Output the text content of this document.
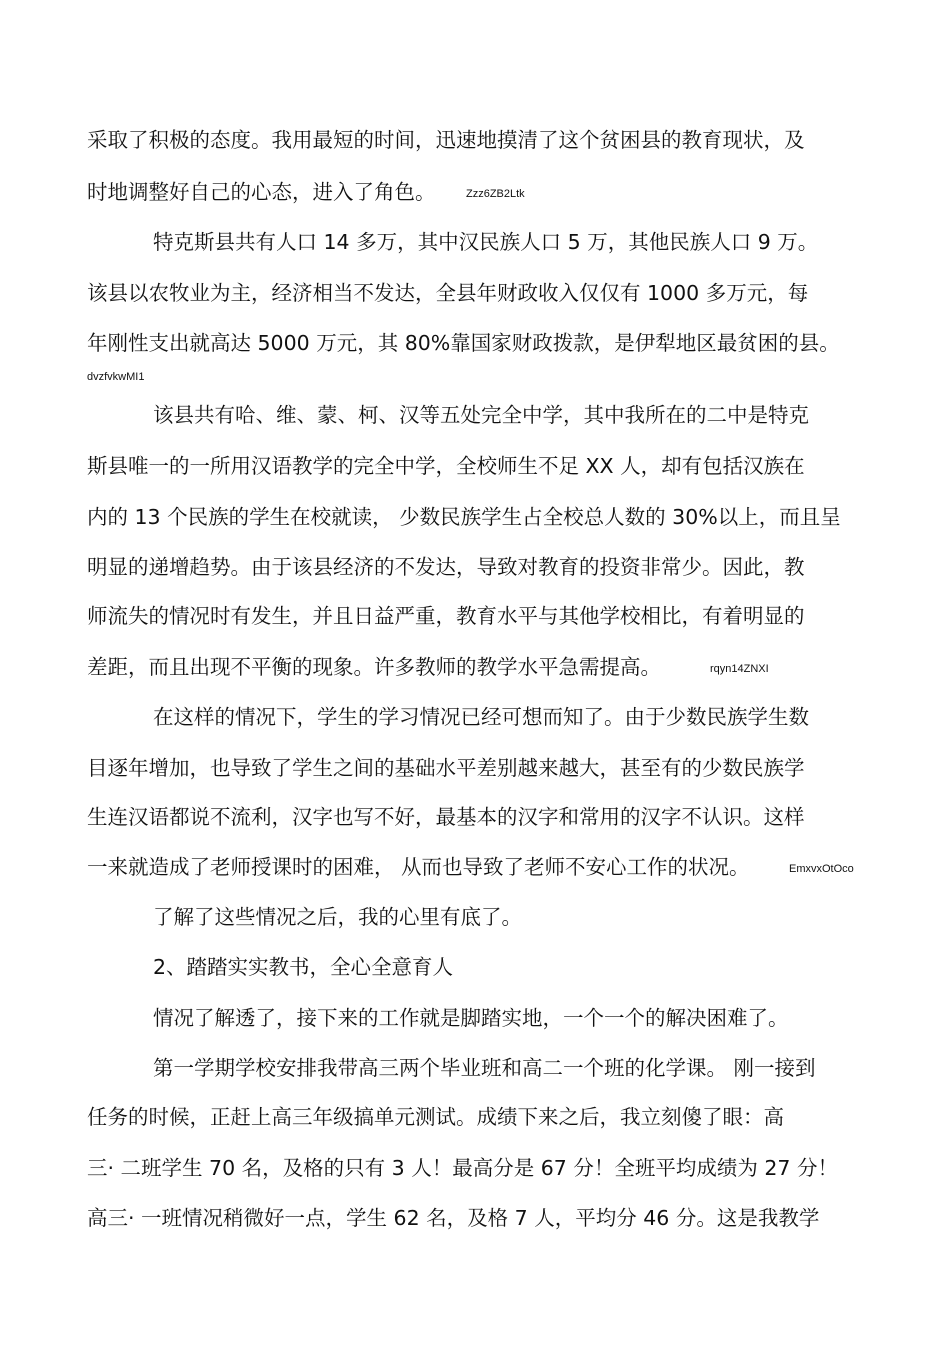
采取了积极的态度。我用最短的时间，迅速地摸清了这个贫困县的教育现状，及
时地调整好自己的心态，进入了角色。	Zzz6ZB2Ltk
特克斯县共有人口 14 多万，其中汉民族人口 5 万，其他民族人口 9 万。
该县以农牧业为主，经济相当不发达，全县年财政收入仅仅有 1000 多万元，每
年刚性支出就高达 5000 万元，其 80%靠国家财政拨款，是伊犁地区最贫困的县。
dvzfvkwMI1
该县共有哈、维、蒙、柯、汉等五处完全中学，其中我所在的二中是特克
斯县唯一的一所用汉语教学的完全中学，全校师生不足 XX 人，却有包括汉族在
内的 13 个民族的学生在校就读， 少数民族学生占全校总人数的 30%以上，而且呈
明显的递增趋势。由于该县经济的不发达，导致对教育的投资非常少。因此，教
师流失的情况时有发生，并且日益严重，教育水平与其他学校相比，有着明显的
差距，而且出现不平衡的现象。许多教师的教学水平急需提高。	rqyn14ZNXI
在这样的情况下，学生的学习情况已经可想而知了。由于少数民族学生数
目逐年增加，也导致了学生之间的基础水平差别越来越大，甚至有的少数民族学
生连汉语都说不流利，汉字也写不好，最基本的汉字和常用的汉字不认识。这样
一来就造成了老师授课时的困难， 从而也导致了老师不安心工作的状况。	EmxvxOtOco
了解了这些情况之后，我的心里有底了。
2、踏踏实实教书，全心全意育人
情况了解透了，接下来的工作就是脚踏实地，一个一个的解决困难了。
第一学期学校安排我带高三两个毕业班和高二一个班的化学课。 刚一接到
任务的时候，正赶上高三年级搞单元测试。成绩下来之后，我立刻傻了眼：高
三· 二班学生 70 名，及格的只有 3 人！最高分是 67 分！全班平均成绩为 27 分！
高三· 一班情况稍微好一点，学生 62 名，及格 7 人，平均分 46 分。这是我教学
